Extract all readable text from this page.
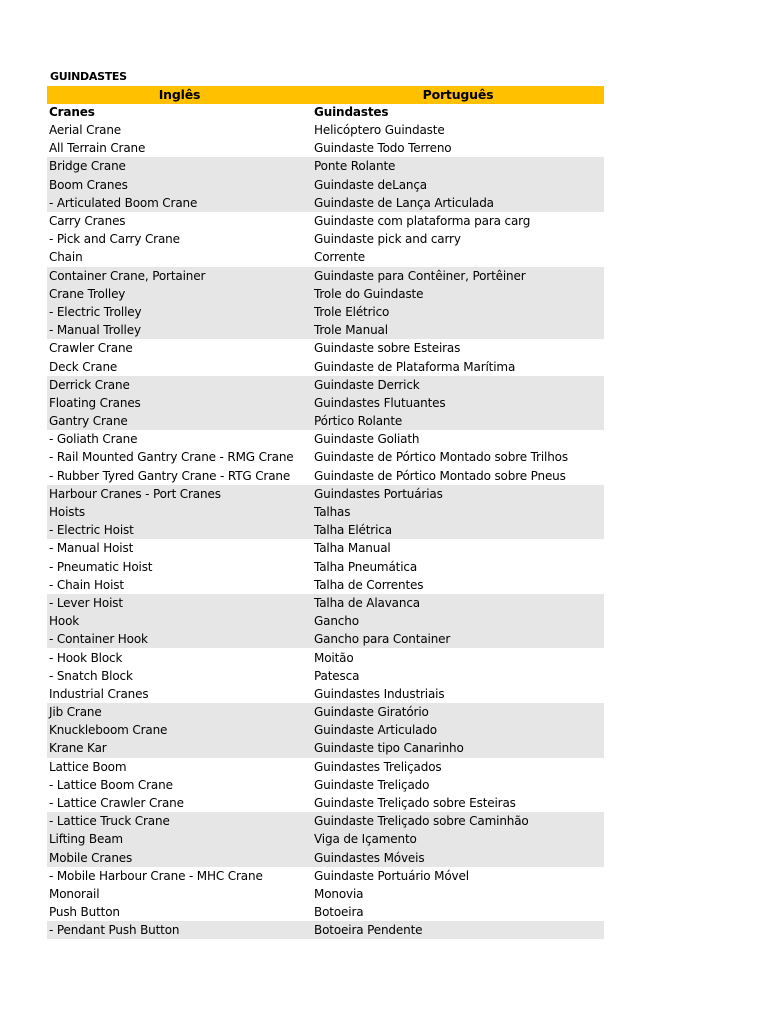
GUINDASTES
Inglês	Português
Cranes	Guindastes
Aerial Crane	Helicóptero Guindaste
All Terrain Crane	Guindaste Todo Terreno
Bridge Crane	Ponte Rolante
Boom Cranes	Guindaste deLança
- Articulated Boom Crane	Guindaste de Lança Articulada
Carry Cranes	Guindaste com plataforma para carg
- Pick and Carry Crane	Guindaste pick and carry
Chain	Corrente
Container Crane, Portainer	Guindaste para Contêiner, Portêiner
Crane Trolley	Trole do Guindaste
- Electric Trolley	Trole Elétrico
- Manual Trolley	Trole Manual
Crawler Crane	Guindaste sobre Esteiras
Deck Crane	Guindaste de Plataforma Marítima
Derrick Crane	Guindaste Derrick
Floating Cranes	Guindastes Flutuantes
Gantry Crane	Pórtico Rolante
- Goliath Crane	Guindaste Goliath
- Rail Mounted Gantry Crane - RMG Crane	Guindaste de Pórtico Montado sobre Trilhos
- Rubber Tyred Gantry Crane - RTG Crane	Guindaste de Pórtico Montado sobre Pneus
Harbour Cranes - Port Cranes	Guindastes Portuárias
Hoists	Talhas
- Electric Hoist	Talha Elétrica
- Manual Hoist	Talha Manual
- Pneumatic Hoist	Talha Pneumática
- Chain Hoist	Talha de Correntes
- Lever Hoist	Talha de Alavanca
Hook	Gancho
- Container Hook	Gancho para Container
- Hook Block	Moitão
- Snatch Block	Patesca
Industrial Cranes	Guindastes Industriais
Jib Crane	Guindaste Giratório
Knuckleboom Crane	Guindaste Articulado
Krane Kar	Guindaste tipo Canarinho
Lattice Boom	Guindastes Treliçados
- Lattice Boom Crane	Guindaste Treliçado
- Lattice Crawler Crane	Guindaste Treliçado sobre Esteiras
- Lattice Truck Crane	Guindaste Treliçado sobre Caminhão
Lifting Beam	Viga de Içamento
Mobile Cranes	Guindastes Móveis
- Mobile Harbour Crane - MHC Crane	Guindaste Portuário Móvel
Monorail	Monovia
Push Button	Botoeira
- Pendant Push Button	Botoeira Pendente
